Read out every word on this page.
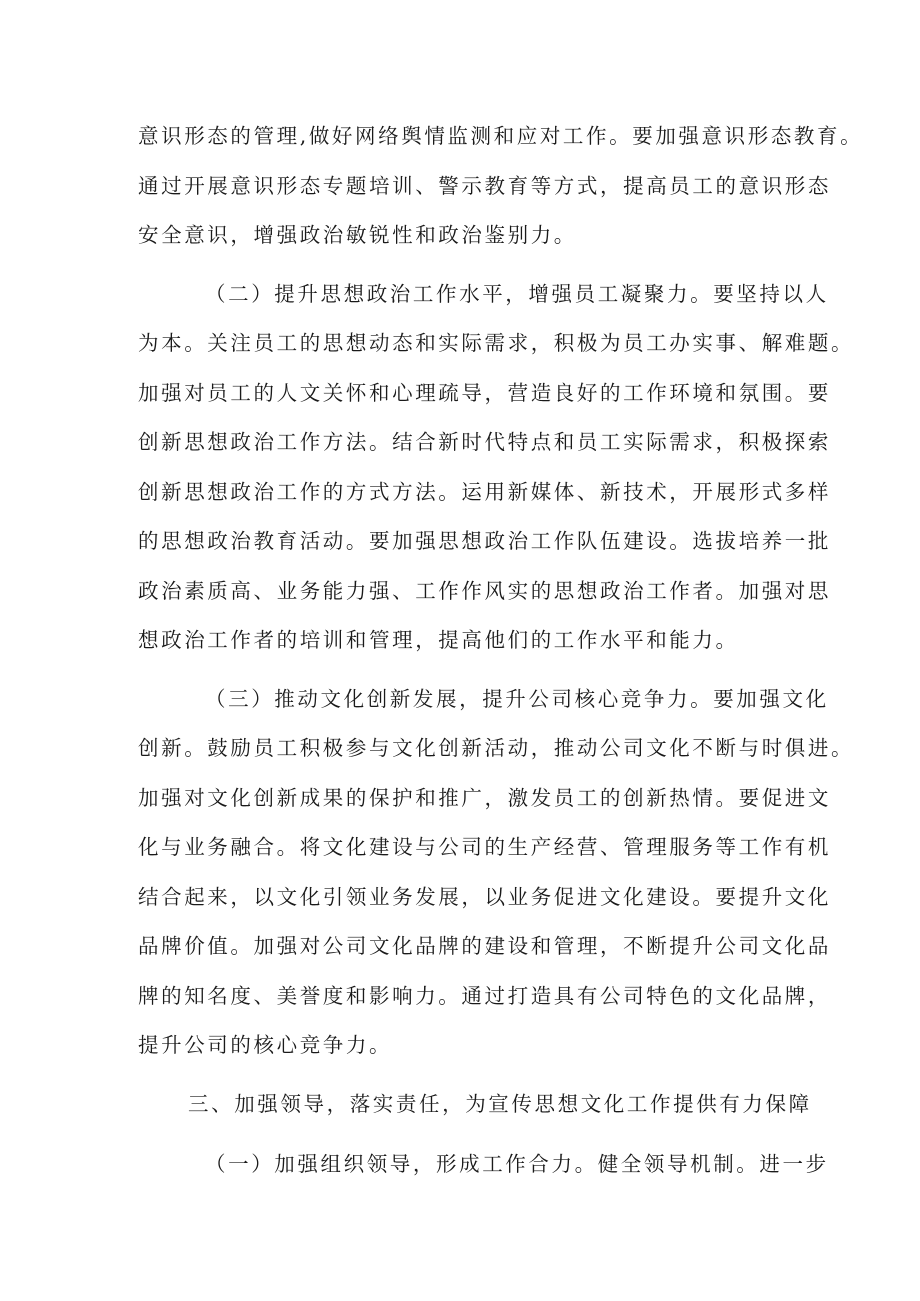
意识形态的管理,做好网络舆情监测和应对工作。要加强意识形态教育。
通过开展意识形态专题培训、警示教育等方式，提高员工的意识形态
安全意识，增强政治敏锐性和政治鉴别力。
（二）提升思想政治工作水平，增强员工凝聚力。要坚持以人
为本。关注员工的思想动态和实际需求，积极为员工办实事、解难题。
加强对员工的人文关怀和心理疏导，营造良好的工作环境和氛围。要
创新思想政治工作方法。结合新时代特点和员工实际需求，积极探索
创新思想政治工作的方式方法。运用新媒体、新技术，开展形式多样
的思想政治教育活动。要加强思想政治工作队伍建设。选拔培养一批
政治素质高、业务能力强、工作作风实的思想政治工作者。加强对思
想政治工作者的培训和管理，提高他们的工作水平和能力。
（三）推动文化创新发展，提升公司核心竞争力。要加强文化
创新。鼓励员工积极参与文化创新活动，推动公司文化不断与时俱进。
加强对文化创新成果的保护和推广，激发员工的创新热情。要促进文
化与业务融合。将文化建设与公司的生产经营、管理服务等工作有机
结合起来，以文化引领业务发展，以业务促进文化建设。要提升文化
品牌价值。加强对公司文化品牌的建设和管理，不断提升公司文化品
牌的知名度、美誉度和影响力。通过打造具有公司特色的文化品牌，
提升公司的核心竞争力。
三、加强领导，落实责任，为宣传思想文化工作提供有力保障
（一）加强组织领导，形成工作合力。健全领导机制。进一步
